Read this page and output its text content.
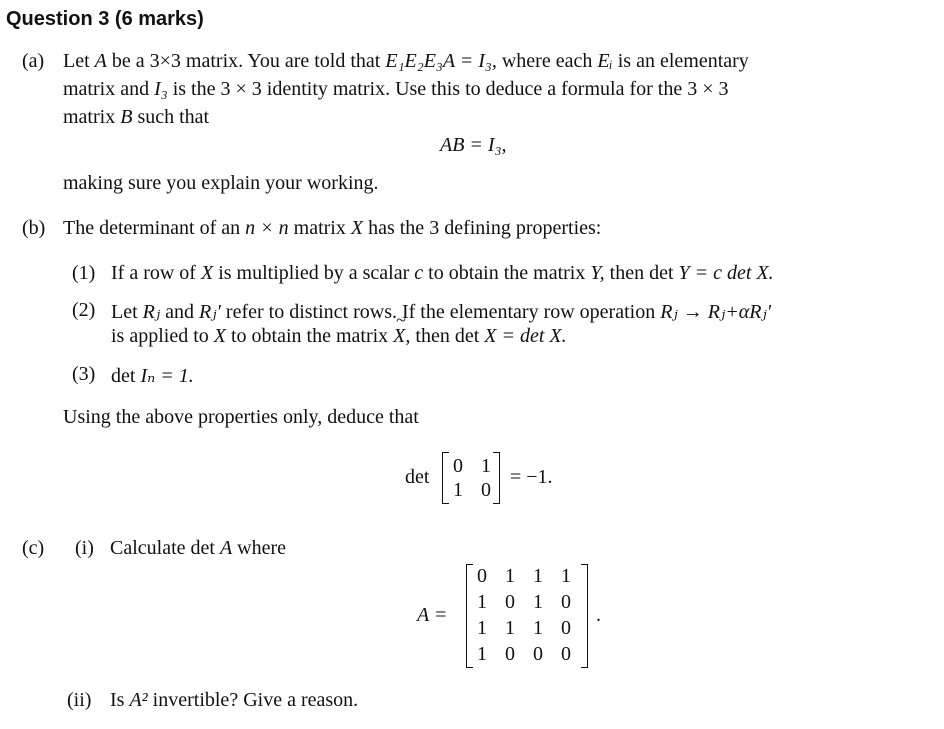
Question 3 (6 marks)
(a) Let A be a 3×3 matrix. You are told that E₁E₂E₃A = I₃, where each Eᵢ is an elementary
matrix and I₃ is the 3 × 3 identity matrix. Use this to deduce a formula for the 3 × 3
matrix B such that
AB = I₃,
making sure you explain your working.
(b) The determinant of an n × n matrix X has the 3 defining properties:
(1) If a row of X is multiplied by a scalar c to obtain the matrix Y, then det Y = c det X.
(2) Let Rⱼ and Rⱼ′ refer to distinct rows. If the elementary row operation Rⱼ → Rⱼ+αRⱼ′
is applied to X to obtain the matrix ~ X, then det X = det X.
(3) det Iₙ = 1.
Using the above properties only, deduce that
det 0 1
1 0
= −1.
(c) (i) Calculate det A where
A =
0 1 1 1
1 0 1 0
1 1 1 0
1 0 0 0
.
(ii) Is A² invertible? Give a reason.
